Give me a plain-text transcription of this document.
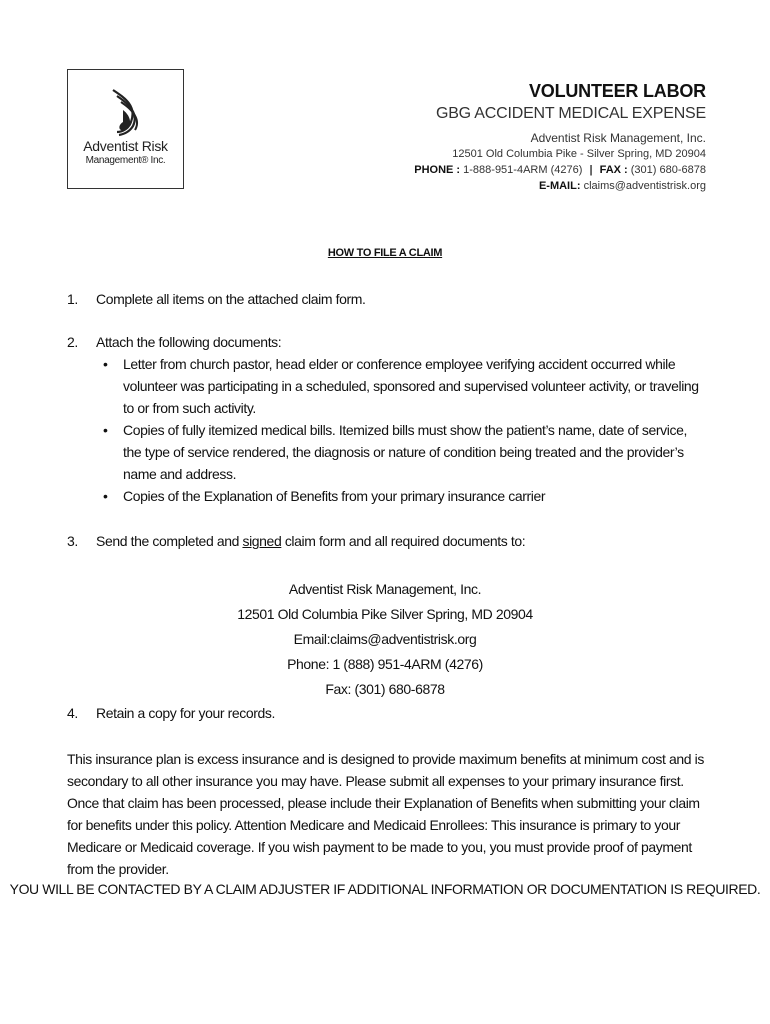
Adventist Risk
Management® Inc.
VOLUNTEER LABOR
GBG ACCIDENT MEDICAL EXPENSE
Adventist Risk Management, Inc.
12501 Old Columbia Pike - Silver Spring, MD 20904
PHONE : 1-888-951-4ARM (4276) | FAX : (301) 680-6878
E-MAIL: claims@adventistrisk.org
HOW TO FILE A CLAIM
1. Complete all items on the attached claim form.
2. Attach the following documents:
• Letter from church pastor, head elder or conference employee verifying accident occurred while volunteer was participating in a scheduled, sponsored and supervised volunteer activity, or traveling to or from such activity.
• Copies of fully itemized medical bills. Itemized bills must show the patient’s name, date of service, the type of service rendered, the diagnosis or nature of condition being treated and the provider’s name and address.
• Copies of the Explanation of Benefits from your primary insurance carrier
3. Send the completed and signed claim form and all required documents to:
Adventist Risk Management, Inc.
12501 Old Columbia Pike Silver Spring, MD 20904
Email:claims@adventistrisk.org
Phone: 1 (888) 951-4ARM (4276)
Fax: (301) 680-6878
4. Retain a copy for your records.
This insurance plan is excess insurance and is designed to provide maximum benefits at minimum cost and is secondary to all other insurance you may have. Please submit all expenses to your primary insurance first. Once that claim has been processed, please include their Explanation of Benefits when submitting your claim for benefits under this policy. Attention Medicare and Medicaid Enrollees: This insurance is primary to your Medicare or Medicaid coverage. If you wish payment to be made to you, you must provide proof of payment from the provider.
YOU WILL BE CONTACTED BY A CLAIM ADJUSTER IF ADDITIONAL INFORMATION OR DOCUMENTATION IS REQUIRED.
